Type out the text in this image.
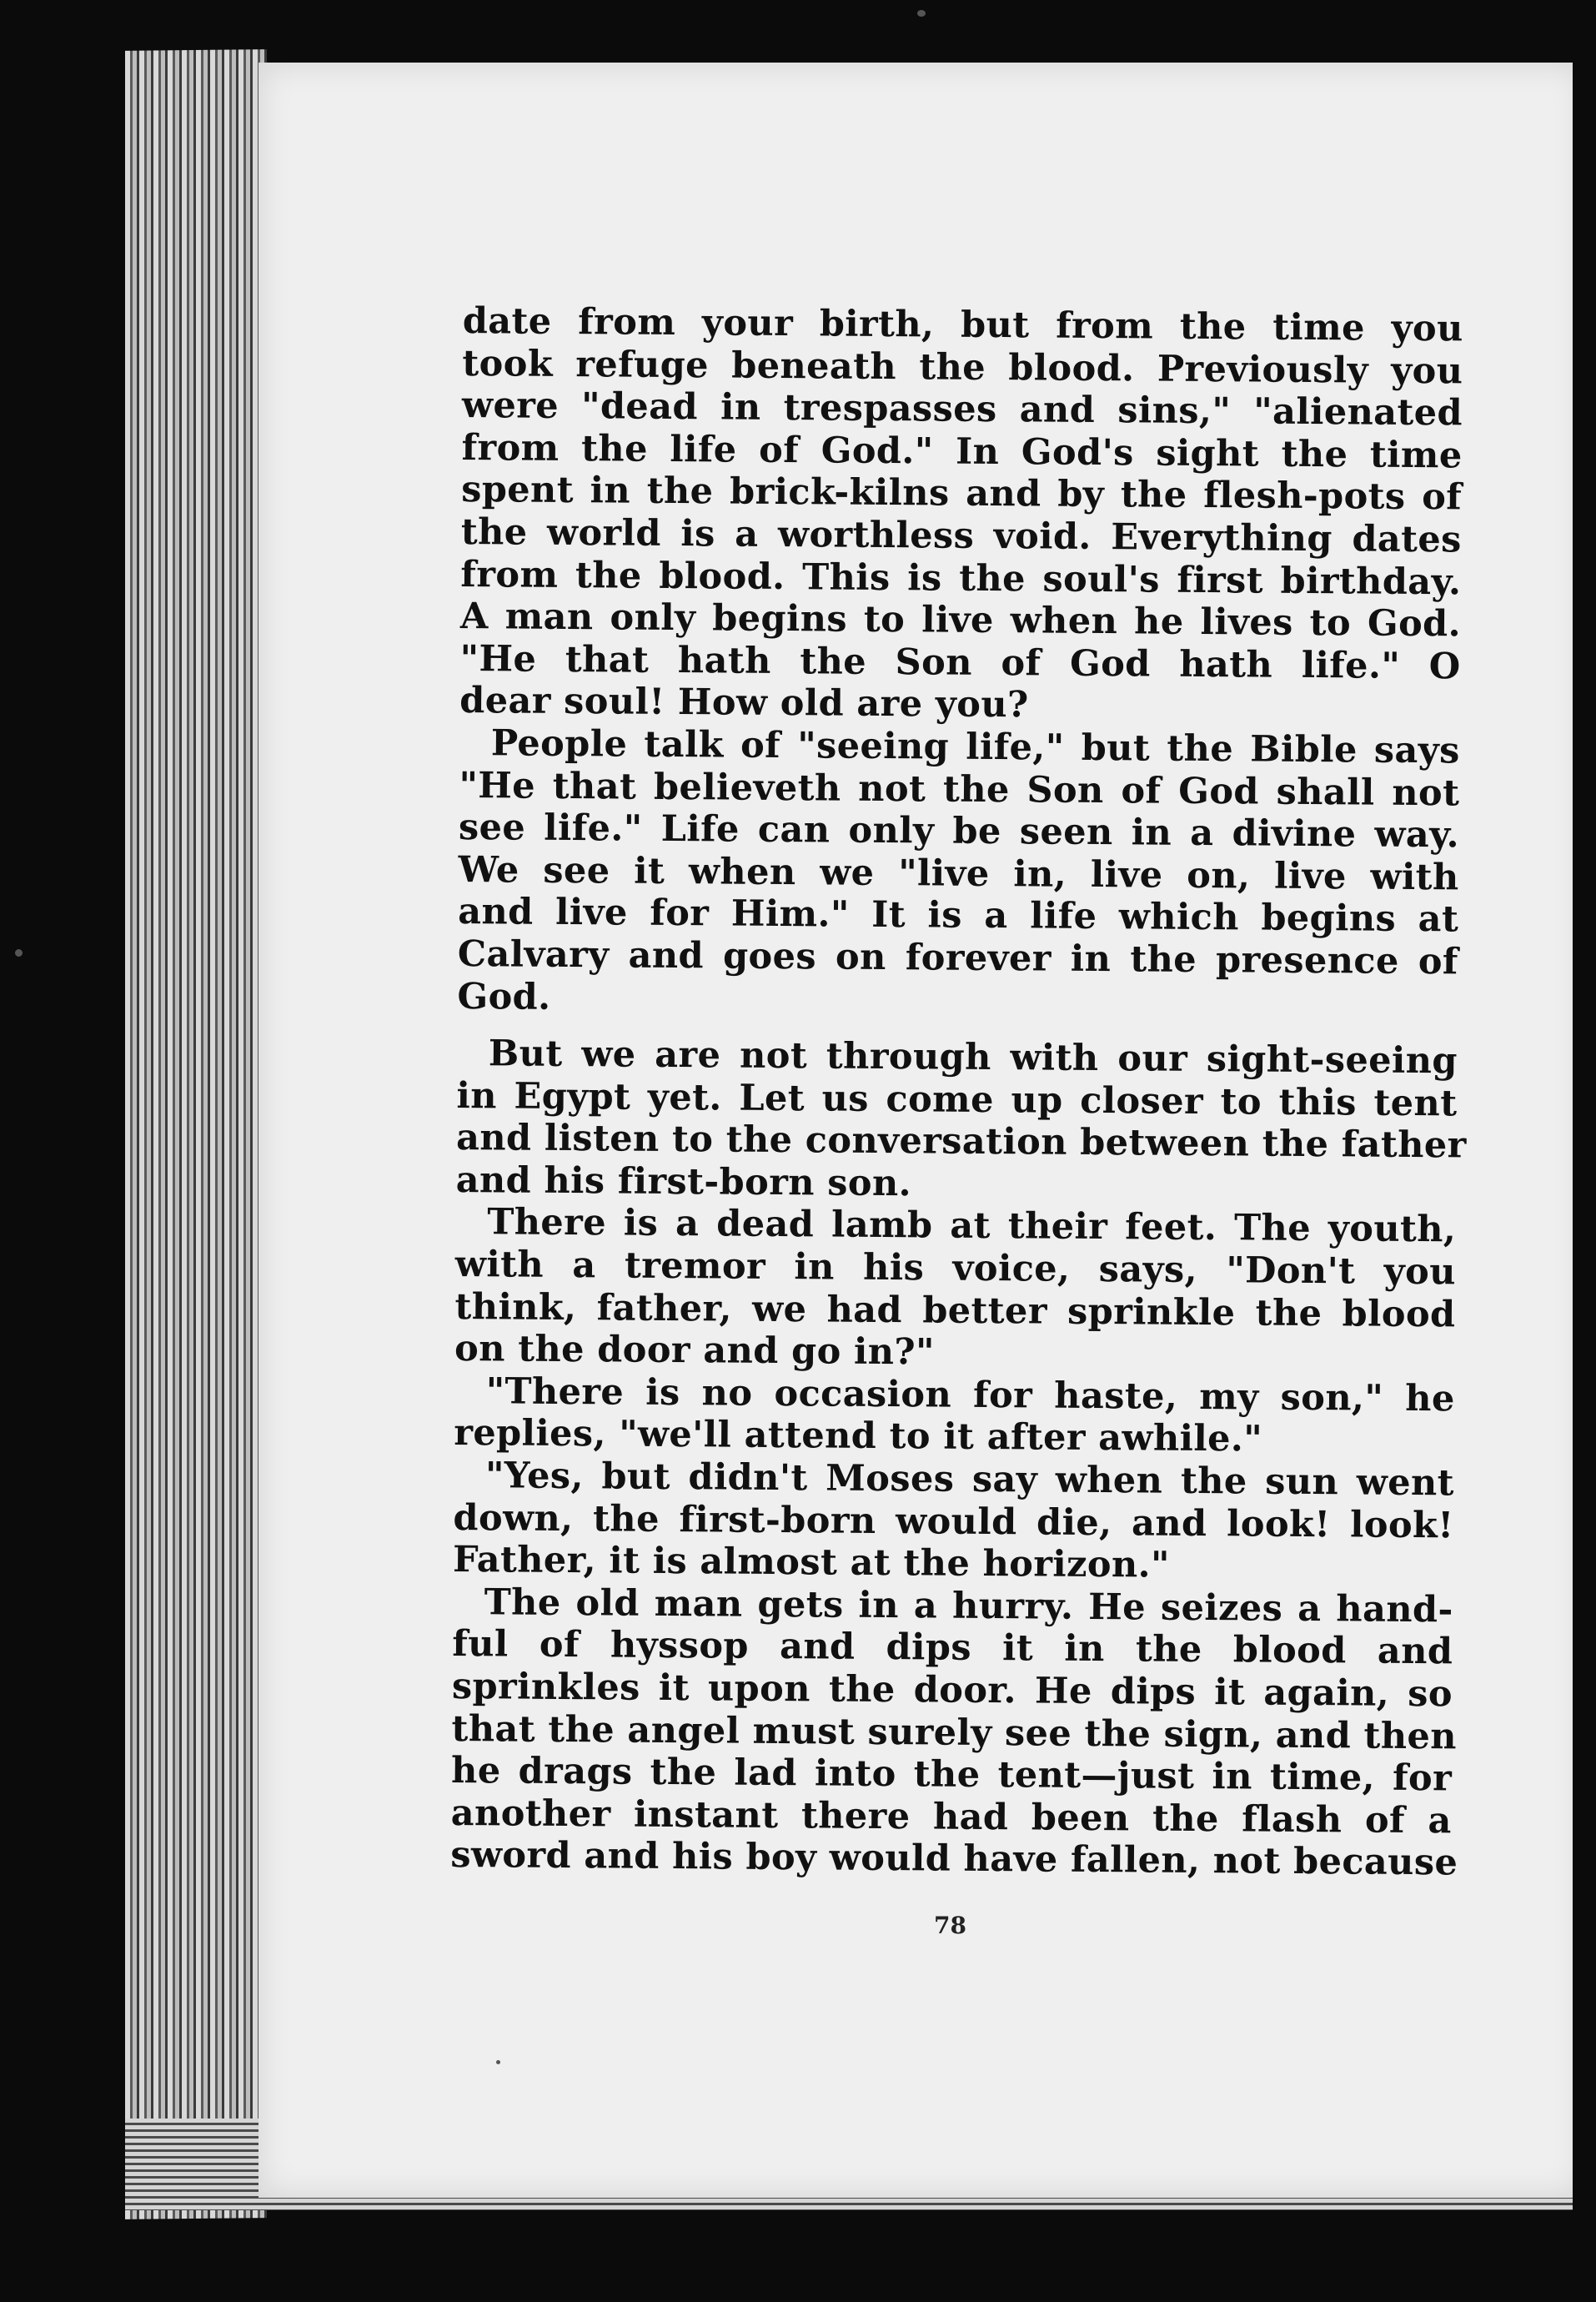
date from your birth, but from the time you
took refuge beneath the blood. Previously you
were "dead in trespasses and sins," "alienated
from the life of God." In God's sight the time
spent in the brick-kilns and by the flesh-pots of
the world is a worthless void. Everything dates
from the blood. This is the soul's first birthday.
A man only begins to live when he lives to God.
"He that hath the Son of God hath life." O
dear soul! How old are you?
People talk of "seeing life," but the Bible says
"He that believeth not the Son of God shall not
see life." Life can only be seen in a divine way.
We see it when we "live in, live on, live with
and live for Him." It is a life which begins at
Calvary and goes on forever in the presence of
God.
But we are not through with our sight-seeing
in Egypt yet. Let us come up closer to this tent
and listen to the conversation between the father
and his first-born son.
There is a dead lamb at their feet. The youth,
with a tremor in his voice, says, "Don't you
think, father, we had better sprinkle the blood
on the door and go in?"
"There is no occasion for haste, my son," he
replies, "we'll attend to it after awhile."
"Yes, but didn't Moses say when the sun went
down, the first-born would die, and look! look!
Father, it is almost at the horizon."
The old man gets in a hurry. He seizes a hand-
ful of hyssop and dips it in the blood and
sprinkles it upon the door. He dips it again, so
that the angel must surely see the sign, and then
he drags the lad into the tent—just in time, for
another instant there had been the flash of a
sword and his boy would have fallen, not because
78
